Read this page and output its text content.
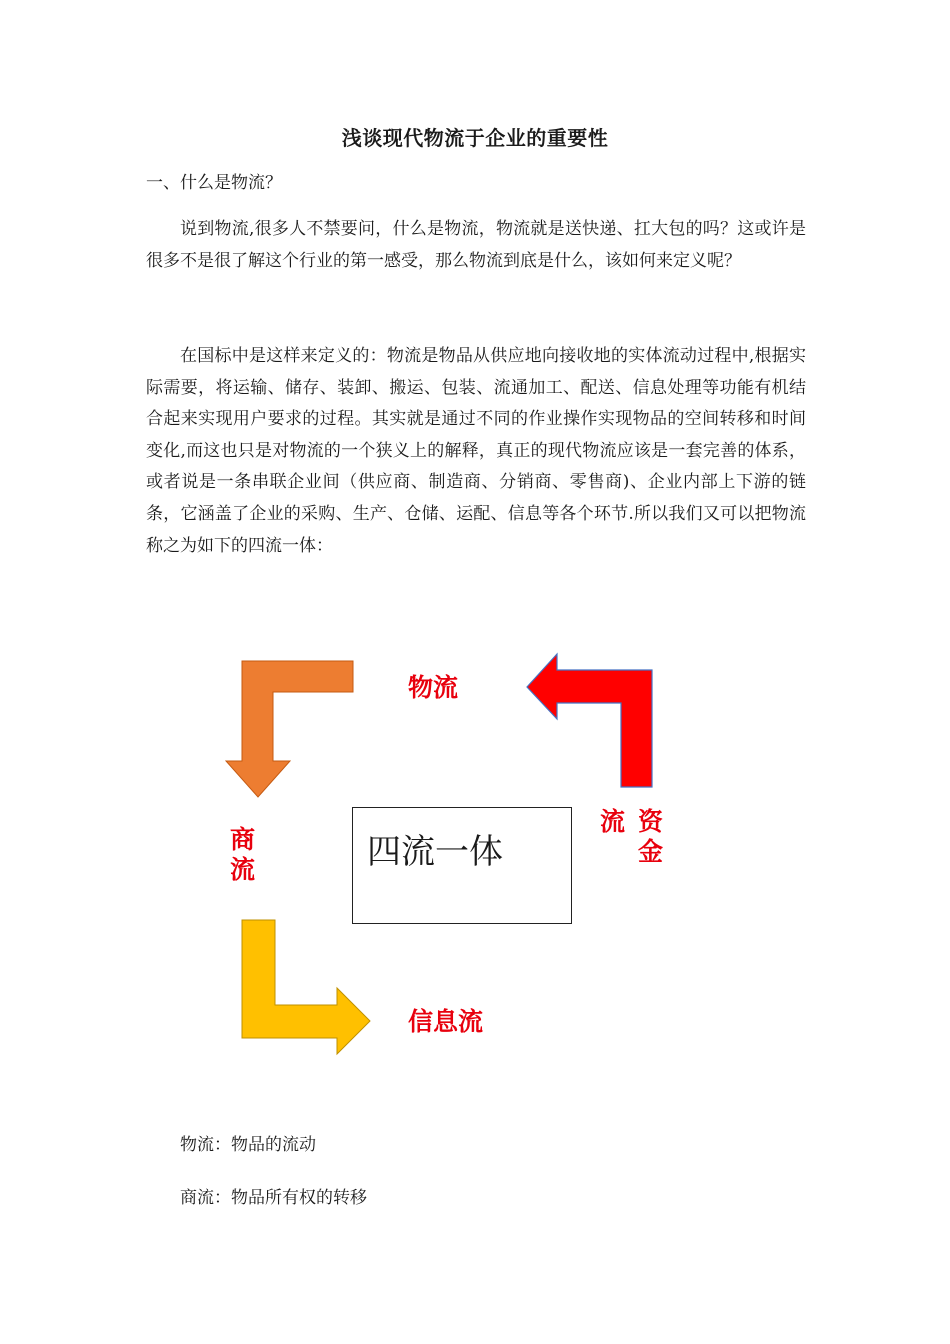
浅谈现代物流于企业的重要性
一、什么是物流？

说到物流,很多人不禁要问，什么是物流，物流就是送快递、扛大包的吗？这或许是很多不是很了解这个行业的第一感受，那么物流到底是什么，该如何来定义呢？

在国标中是这样来定义的：物流是物品从供应地向接收地的实体流动过程中,根据实际需要，将运输、储存、装卸、搬运、包装、流通加工、配送、信息处理等功能有机结合起来实现用户要求的过程。其实就是通过不同的作业操作实现物品的空间转移和时间变化,而这也只是对物流的一个狭义上的解释，真正的现代物流应该是一套完善的体系，或者说是一条串联企业间（供应商、制造商、分销商、零售商)、企业内部上下游的链条，它涵盖了企业的采购、生产、仓储、运配、信息等各个环节.所以我们又可以把物流称之为如下的四流一体：

物流
商
流
资
金
流
信息流
四流一体
物流：物品的流动
商流：物品所有权的转移
